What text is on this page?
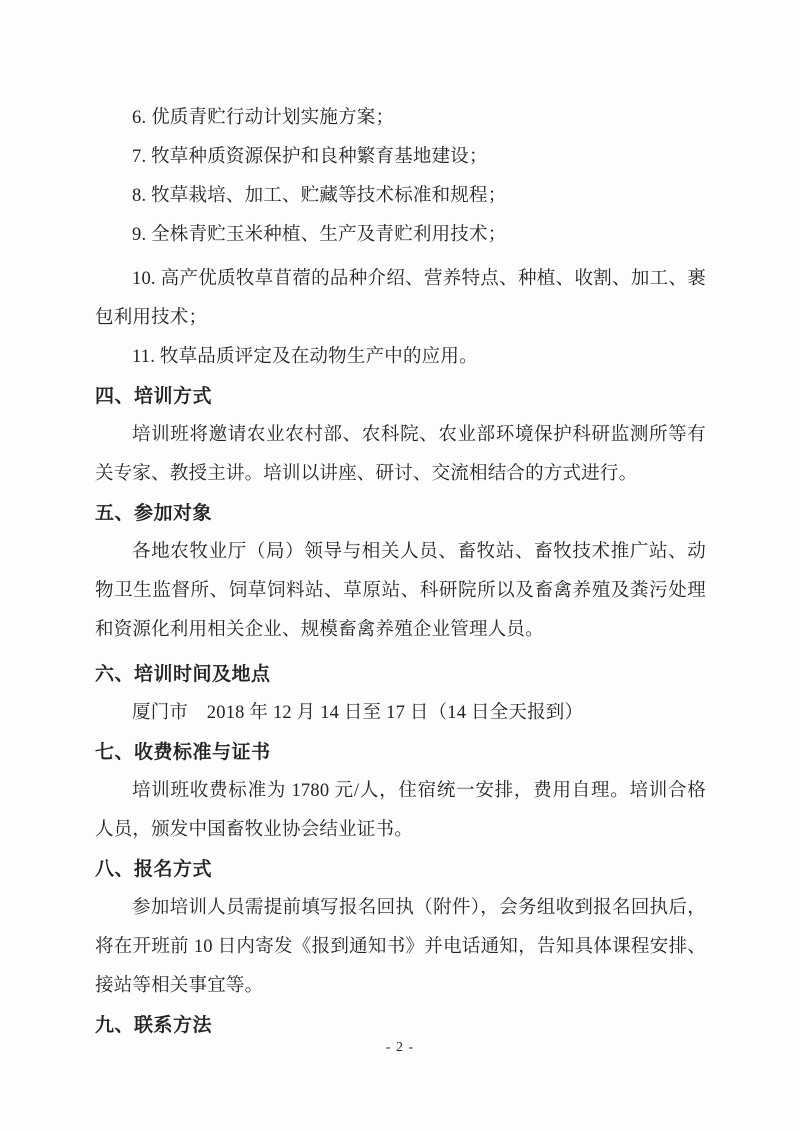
6. 优质青贮行动计划实施方案；
7. 牧草种质资源保护和良种繁育基地建设；
8. 牧草栽培、加工、贮藏等技术标准和规程；
9. 全株青贮玉米种植、生产及青贮利用技术；
10. 高产优质牧草苜蓿的品种介绍、营养特点、种植、收割、加工、裹
包利用技术；
11. 牧草品质评定及在动物生产中的应用。
四、培训方式
培训班将邀请农业农村部、农科院、农业部环境保护科研监测所等有
关专家、教授主讲。培训以讲座、研讨、交流相结合的方式进行。
五、参加对象
各地农牧业厅（局）领导与相关人员、畜牧站、畜牧技术推广站、动
物卫生监督所、饲草饲料站、草原站、科研院所以及畜禽养殖及粪污处理
和资源化利用相关企业、规模畜禽养殖企业管理人员。
六、培训时间及地点
厦门市　2018 年 12 月 14 日至 17 日（14 日全天报到）
七、收费标准与证书
培训班收费标准为 1780 元/人，住宿统一安排，费用自理。培训合格
人员，颁发中国畜牧业协会结业证书。
八、报名方式
参加培训人员需提前填写报名回执（附件），会务组收到报名回执后，
将在开班前 10 日内寄发《报到通知书》并电话通知，告知具体课程安排、
接站等相关事宜等。
九、联系方法
- 2 -
